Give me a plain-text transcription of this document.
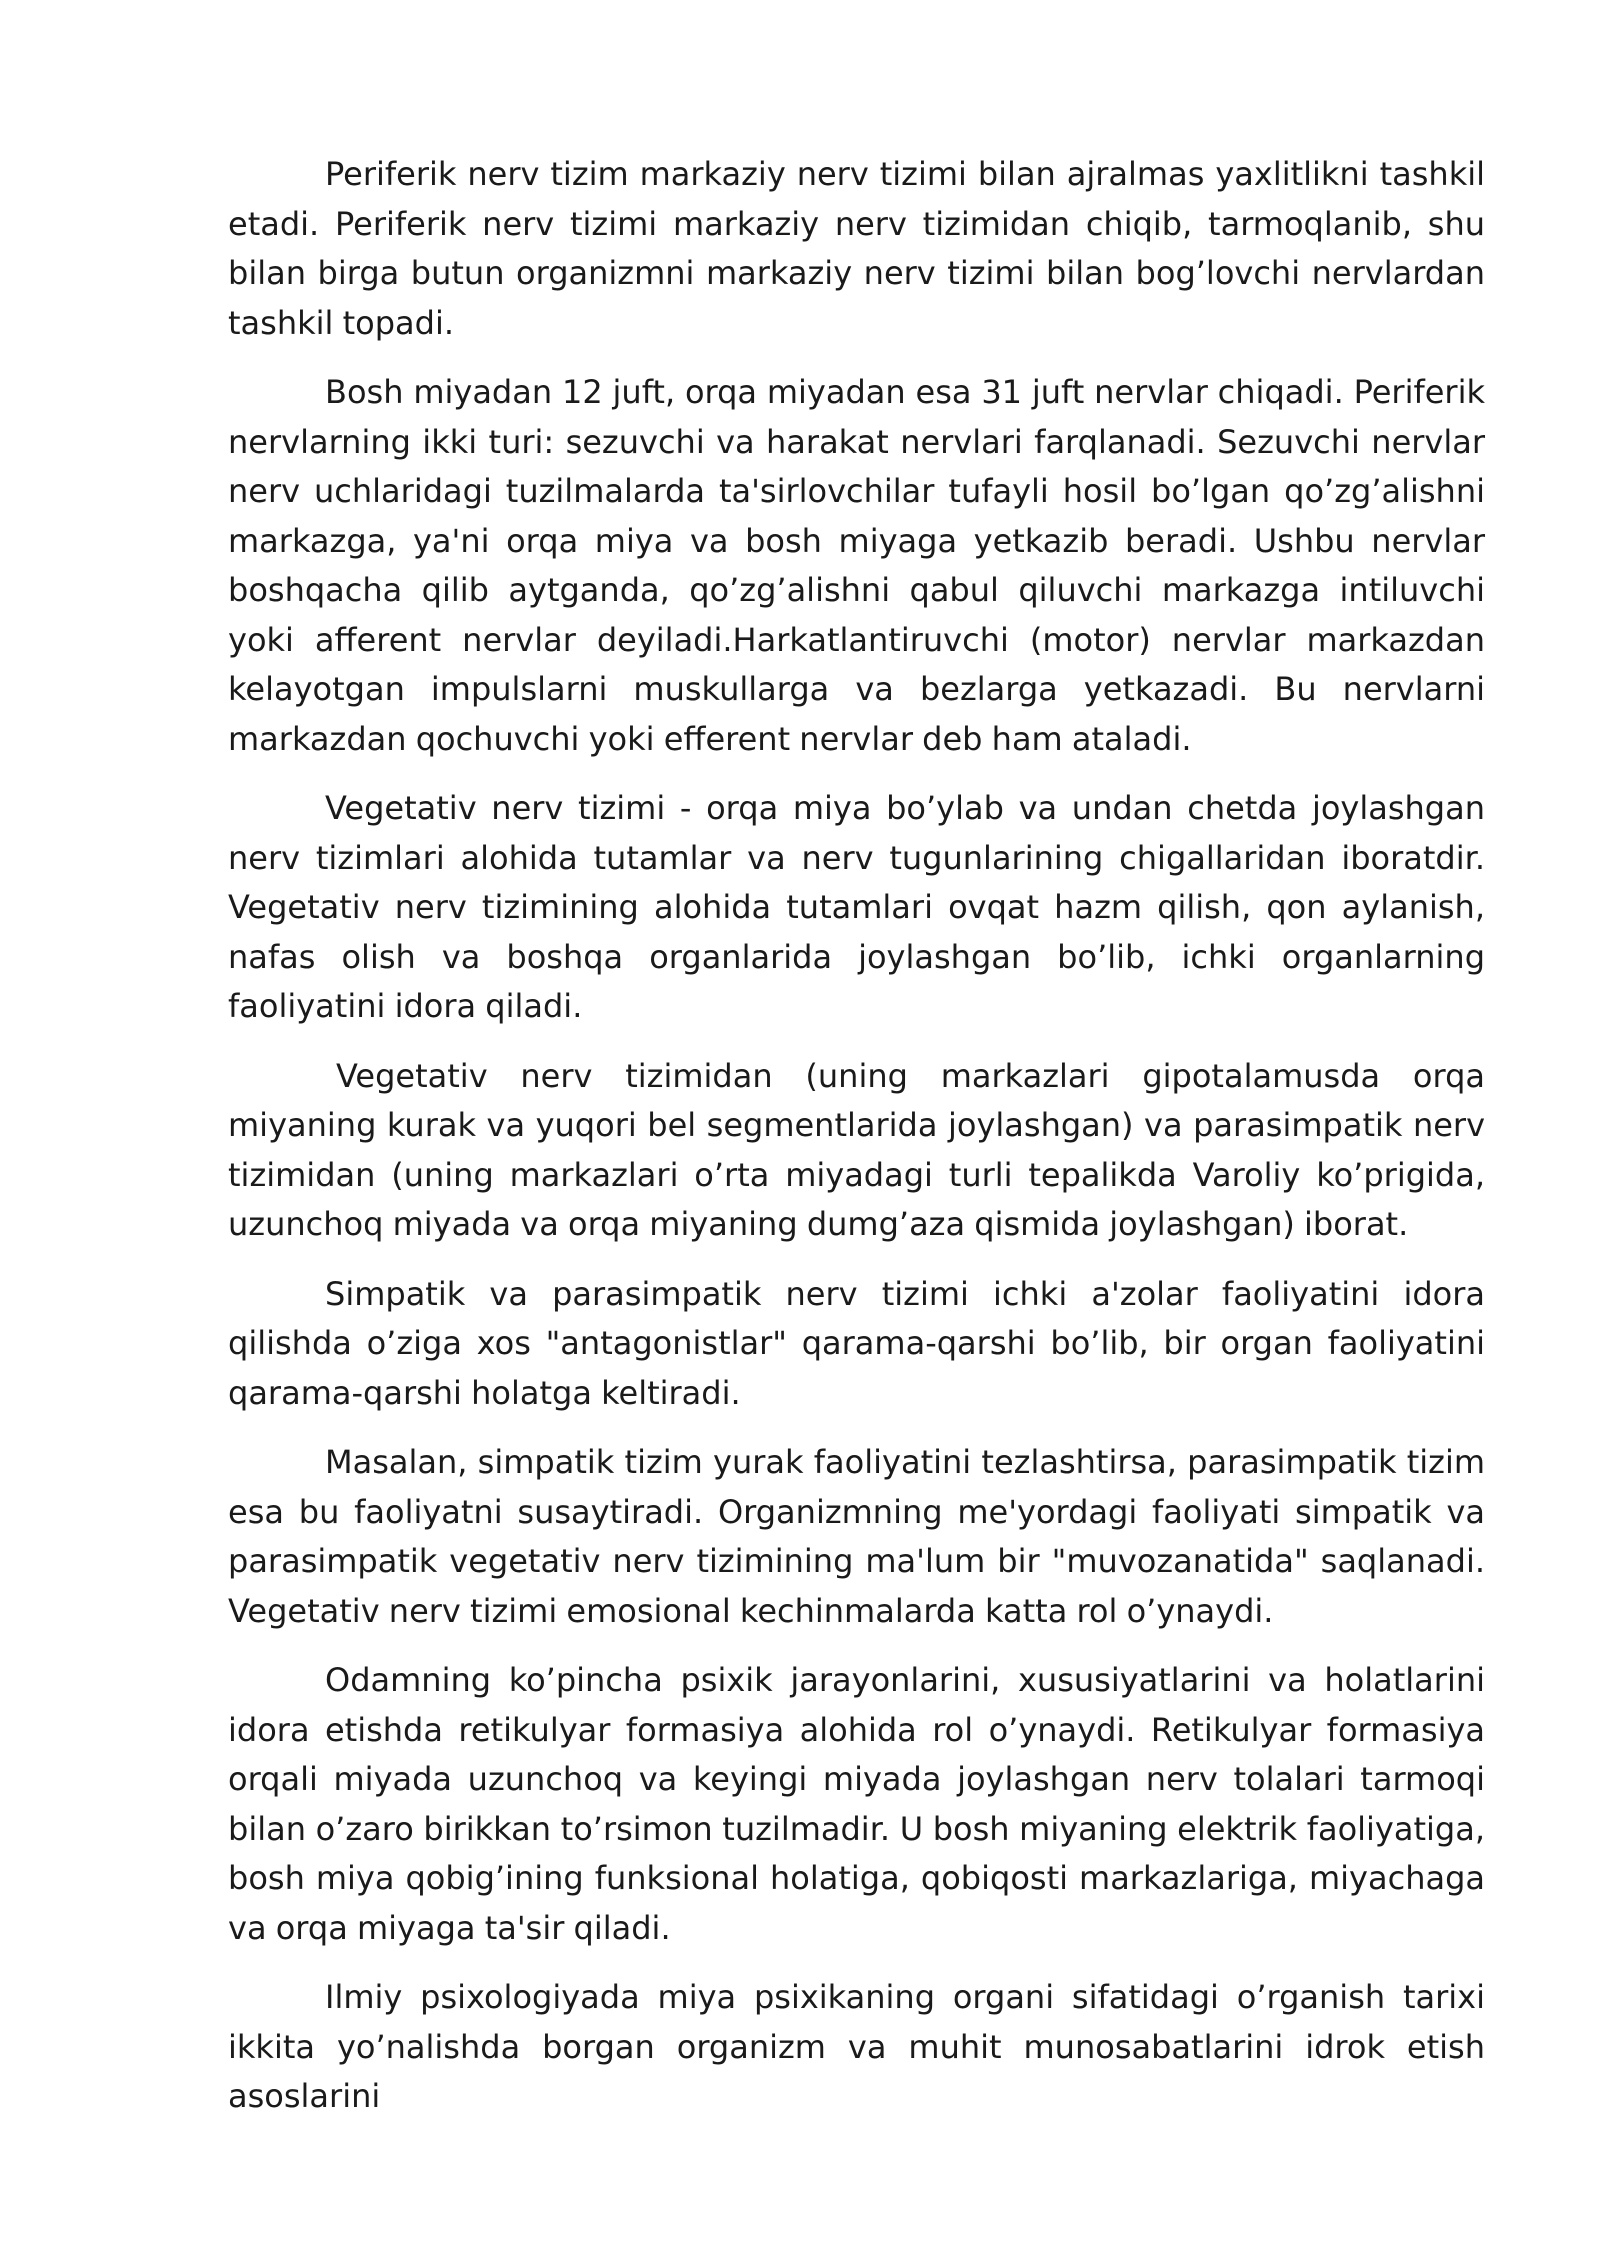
Periferik nerv tizim markaziy nerv tizimi bilan ajralmas yaxlitlikni tashkil etadi. Periferik nerv tizimi markaziy nerv tizimidan chiqib, tarmoqlanib, shu bilan birga butun organizmni markaziy nerv tizimi bilan bog’lovchi nervlardan tashkil topadi.

Bosh miyadan 12 juft, orqa miyadan esa 31 juft nervlar chiqadi. Periferik nervlarning ikki turi: sezuvchi va harakat nervlari farqlanadi. Sezuvchi nervlar nerv uchlaridagi tuzilmalarda ta'sirlovchilar tufayli hosil bo’lgan qo’zg’alishni markazga, ya'ni orqa miya va bosh miyaga yetkazib beradi. Ushbu nervlar boshqacha qilib aytganda, qo’zg’alishni qabul qiluvchi markazga intiluvchi yoki afferent nervlar deyiladi.Harkatlantiruvchi (motor) nervlar markazdan kelayotgan impulslarni muskullarga va bezlarga yetkazadi. Bu nervlarni markazdan qochuvchi yoki efferent nervlar deb ham ataladi.

Vegetativ nerv tizimi - orqa miya bo’ylab va undan chetda joylashgan nerv tizimlari alohida tutamlar va nerv tugunlarining chigallaridan iboratdir. Vegetativ nerv tizimining alohida tutamlari ovqat hazm qilish, qon aylanish, nafas olish va boshqa organlarida joylashgan bo’lib, ichki organlarning faoliyatini idora qiladi.

Vegetativ nerv tizimidan (uning markazlari gipotalamusda orqa miyaning kurak va yuqori bel segmentlarida joylashgan) va parasimpatik nerv tizimidan (uning markazlari o’rta miyadagi turli tepalikda Varoliy ko’prigida, uzunchoq miyada va orqa miyaning dumg’aza qismida joylashgan) iborat.

Simpatik va parasimpatik nerv tizimi ichki a'zolar faoliyatini idora qilishda o’ziga xos "antagonistlar" qarama-qarshi bo’lib, bir organ faoliyatini qarama-qarshi holatga keltiradi.

Masalan, simpatik tizim yurak faoliyatini tezlashtirsa, parasimpatik tizim esa bu faoliyatni susaytiradi. Organizmning me'yordagi faoliyati simpatik va parasimpatik vegetativ nerv tizimining ma'lum bir "muvozanatida" saqlanadi. Vegetativ nerv tizimi emosional kechinmalarda katta rol o’ynaydi.

Odamning ko’pincha psixik jarayonlarini, xususiyatlarini va holatlarini idora etishda retikulyar formasiya alohida rol o’ynaydi. Retikulyar formasiya orqali miyada uzunchoq va keyingi miyada joylashgan nerv tolalari tarmoqi bilan o’zaro birikkan to’rsimon tuzilmadir. U bosh miyaning elektrik faoliyatiga, bosh miya qobig’ining funksional holatiga, qobiqosti markazlariga, miyachaga va orqa miyaga ta'sir qiladi.

Ilmiy psixologiyada miya psixikaning organi sifatidagi o’rganish tarixi ikkita yo’nalishda borgan organizm va muhit munosabatlarini idrok etish asoslarini
